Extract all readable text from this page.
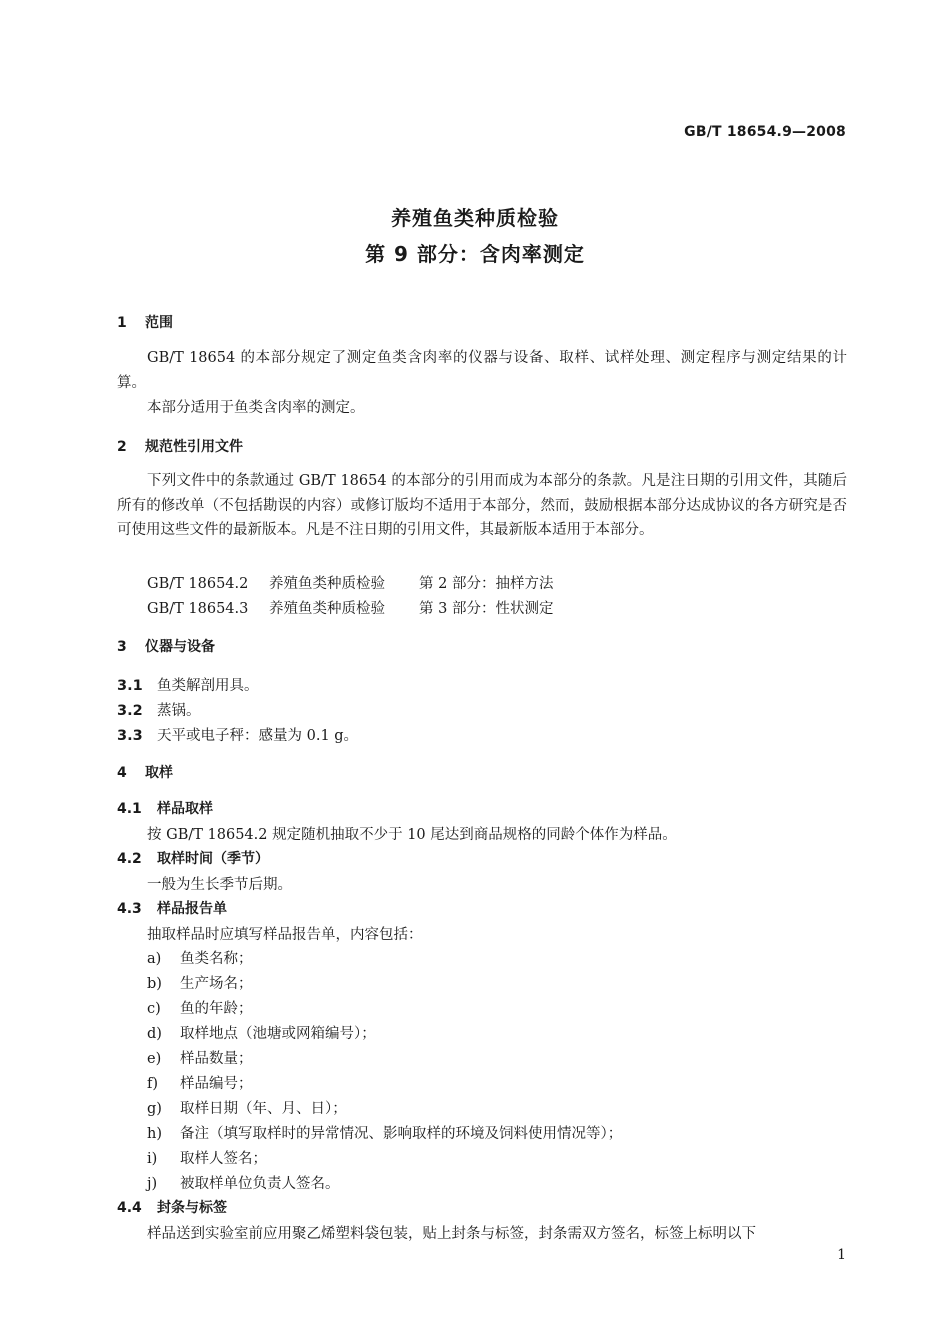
GB/T 18654.9—2008
养殖鱼类种质检验
第 9 部分：含肉率测定
1 范围
GB/T 18654 的本部分规定了测定鱼类含肉率的仪器与设备、取样、试样处理、测定程序与测定结果的计算。
本部分适用于鱼类含肉率的测定。
2 规范性引用文件
下列文件中的条款通过 GB/T 18654 的本部分的引用而成为本部分的条款。凡是注日期的引用文件，其随后所有的修改单（不包括勘误的内容）或修订版均不适用于本部分，然而，鼓励根据本部分达成协议的各方研究是否可使用这些文件的最新版本。凡是不注日期的引用文件，其最新版本适用于本部分。
GB/T 18654.2 养殖鱼类种质检验 第 2 部分：抽样方法
GB/T 18654.3 养殖鱼类种质检验 第 3 部分：性状测定
3 仪器与设备
3.1 鱼类解剖用具。
3.2 蒸锅。
3.3 天平或电子秤：感量为 0.1 g。
4 取样
4.1 样品取样
按 GB/T 18654.2 规定随机抽取不少于 10 尾达到商品规格的同龄个体作为样品。
4.2 取样时间（季节）
一般为生长季节后期。
4.3 样品报告单
抽取样品时应填写样品报告单，内容包括：
a) 鱼类名称；
b) 生产场名；
c) 鱼的年龄；
d) 取样地点（池塘或网箱编号）；
e) 样品数量；
f) 样品编号；
g) 取样日期（年、月、日）；
h) 备注（填写取样时的异常情况、影响取样的环境及饲料使用情况等）；
i) 取样人签名；
j) 被取样单位负责人签名。
4.4 封条与标签
样品送到实验室前应用聚乙烯塑料袋包装，贴上封条与标签，封条需双方签名，标签上标明以下
1
